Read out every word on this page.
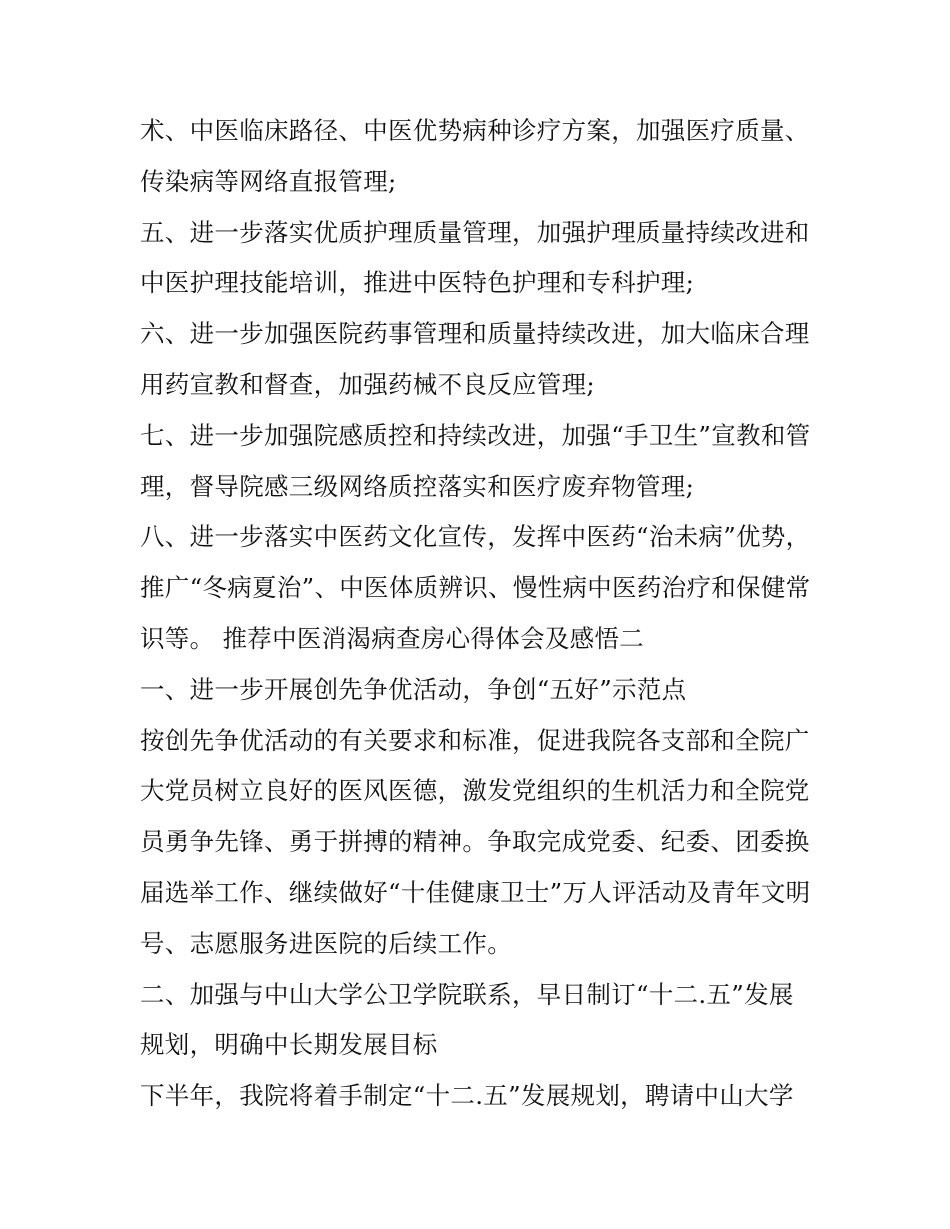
术、中医临床路径、中医优势病种诊疗方案，加强医疗质量、
传染病等网络直报管理;
五、进一步落实优质护理质量管理，加强护理质量持续改进和
中医护理技能培训，推进中医特色护理和专科护理;
六、进一步加强医院药事管理和质量持续改进，加大临床合理
用药宣教和督查，加强药械不良反应管理;
七、进一步加强院感质控和持续改进，加强“手卫生”宣教和管
理，督导院感三级网络质控落实和医疗废弃物管理;
八、进一步落实中医药文化宣传，发挥中医药“治未病”优势，
推广“冬病夏治”、中医体质辨识、慢性病中医药治疗和保健常
识等。 推荐中医消渴病查房心得体会及感悟二
一、进一步开展创先争优活动，争创“五好”示范点
按创先争优活动的有关要求和标准，促进我院各支部和全院广
大党员树立良好的医风医德，激发党组织的生机活力和全院党
员勇争先锋、勇于拼搏的精神。争取完成党委、纪委、团委换
届选举工作、继续做好“十佳健康卫士”万人评活动及青年文明
号、志愿服务进医院的后续工作。
二、加强与中山大学公卫学院联系，早日制订“十二.五”发展
规划，明确中长期发展目标
下半年，我院将着手制定“十二.五”发展规划，聘请中山大学
